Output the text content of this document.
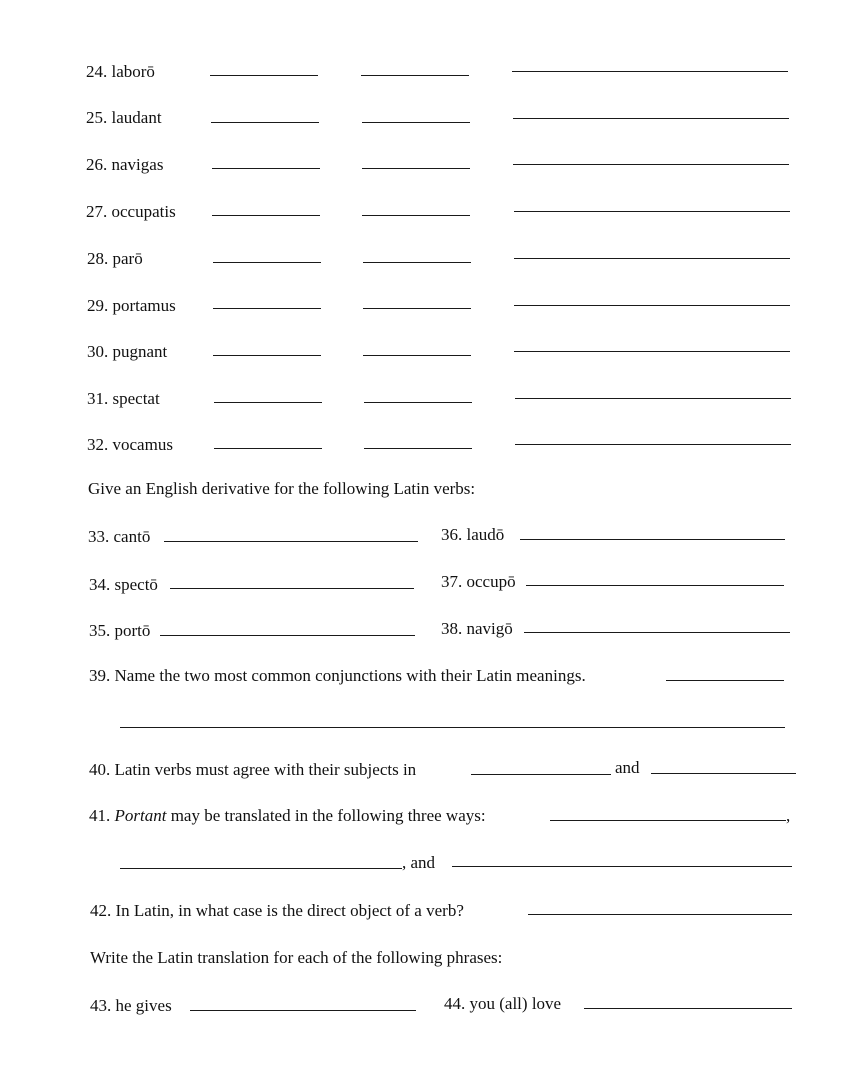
24. laborō
25. laudant
26. navigas
27. occupatis
28. parō
29. portamus
30. pugnant
31. spectat
32. vocamus
Give an English derivative for the following Latin verbs:
33. cantō	36. laudō
34. spectō	37. occupō
35. portō	38. navigō
39. Name the two most common conjunctions with their Latin meanings.
40. Latin verbs must agree with their subjects in	and
41. Portant may be translated in the following three ways:	,
, and
42. In Latin, in what case is the direct object of a verb?
Write the Latin translation for each of the following phrases:
43. he gives	44. you (all) love
